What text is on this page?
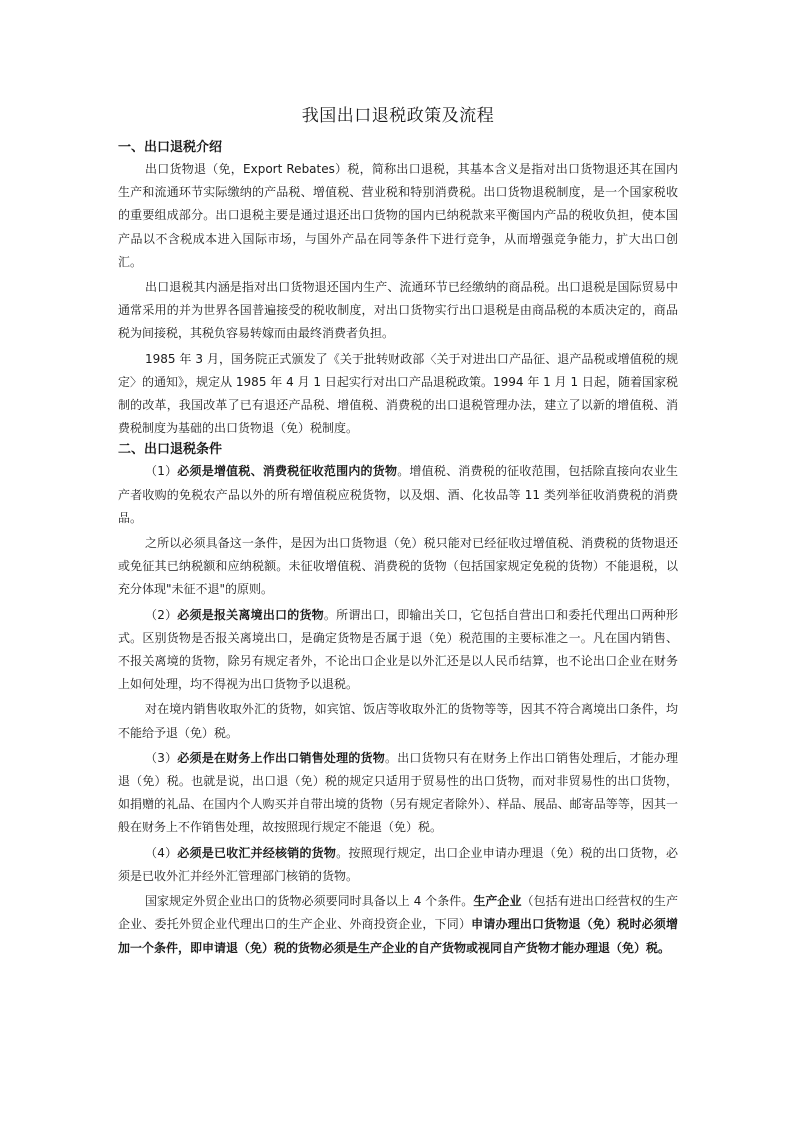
我国出口退税政策及流程
一、出口退税介绍

出口货物退（免，Export Rebates）税，简称出口退税，其基本含义是指对出口货物退还其在国内生产和流通环节实际缴纳的产品税、增值税、营业税和特别消费税。出口货物退税制度，是一个国家税收的重要组成部分。出口退税主要是通过退还出口货物的国内已纳税款来平衡国内产品的税收负担，使本国产品以不含税成本进入国际市场，与国外产品在同等条件下进行竞争，从而增强竞争能力，扩大出口创汇。

出口退税其内涵是指对出口货物退还国内生产、流通环节已经缴纳的商品税。出口退税是国际贸易中通常采用的并为世界各国普遍接受的税收制度，对出口货物实行出口退税是由商品税的本质决定的，商品税为间接税，其税负容易转嫁而由最终消费者负担。

1985 年 3 月，国务院正式颁发了《关于批转财政部〈关于对进出口产品征、退产品税或增值税的规定〉的通知》，规定从 1985 年 4 月 1 日起实行对出口产品退税政策。1994 年 1 月 1 日起，随着国家税制的改革，我国改革了已有退还产品税、增值税、消费税的出口退税管理办法，建立了以新的增值税、消费税制度为基础的出口货物退（免）税制度。

二、出口退税条件

（1）必须是增值税、消费税征收范围内的货物。增值税、消费税的征收范围，包括除直接向农业生产者收购的免税农产品以外的所有增值税应税货物，以及烟、酒、化妆品等 11 类列举征收消费税的消费品。

之所以必须具备这一条件，是因为出口货物退（免）税只能对已经征收过增值税、消费税的货物退还或免征其已纳税额和应纳税额。未征收增值税、消费税的货物（包括国家规定免税的货物）不能退税，以充分体现"未征不退"的原则。

（2）必须是报关离境出口的货物。所谓出口，即输出关口，它包括自营出口和委托代理出口两种形式。区别货物是否报关离境出口，是确定货物是否属于退（免）税范围的主要标准之一。凡在国内销售、不报关离境的货物，除另有规定者外，不论出口企业是以外汇还是以人民币结算，也不论出口企业在财务上如何处理，均不得视为出口货物予以退税。

对在境内销售收取外汇的货物，如宾馆、饭店等收取外汇的货物等等，因其不符合离境出口条件，均不能给予退（免）税。

（3）必须是在财务上作出口销售处理的货物。出口货物只有在财务上作出口销售处理后，才能办理退（免）税。也就是说，出口退（免）税的规定只适用于贸易性的出口货物，而对非贸易性的出口货物，如捐赠的礼品、在国内个人购买并自带出境的货物（另有规定者除外）、样品、展品、邮寄品等等，因其一般在财务上不作销售处理，故按照现行规定不能退（免）税。

（4）必须是已收汇并经核销的货物。按照现行规定，出口企业申请办理退（免）税的出口货物，必须是已收外汇并经外汇管理部门核销的货物。

国家规定外贸企业出口的货物必须要同时具备以上 4 个条件。生产企业（包括有进出口经营权的生产企业、委托外贸企业代理出口的生产企业、外商投资企业，下同）申请办理出口货物退（免）税时必须增加一个条件，即申请退（免）税的货物必须是生产企业的自产货物或视同自产货物才能办理退（免）税。
